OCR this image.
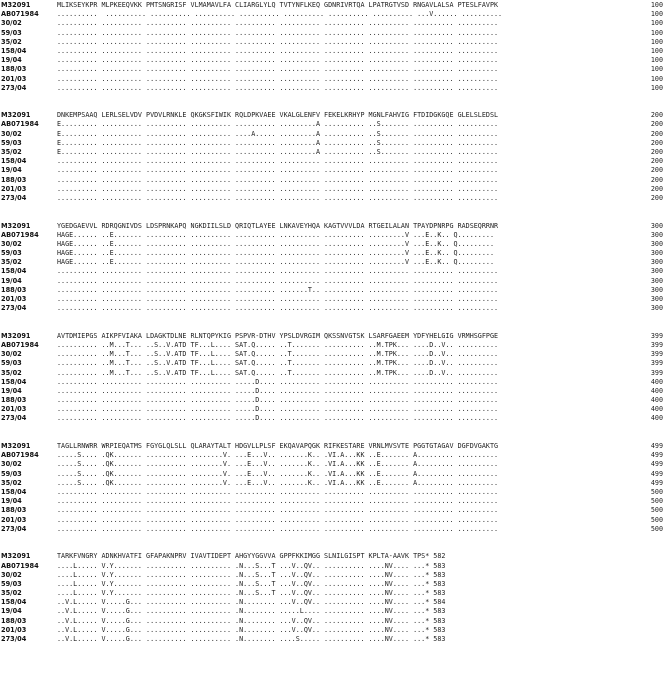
M32091	MLIKSEYKPR MLPKEEQVKK PMTSNGRISF VLMAMAVLFA CLIARGLYLQ TVTYNFLKEQ GDNRIVRTQA LPATRGTVSD RNGAVLALSA PTESLFAVPK	100
AB071984	..........  .......... .......... .......... .......... .......... .......... .......... ...V...... ..........	100
30/02	.......... .......... .......... .......... .......... .......... .......... .......... .......... ..........	100
59/03	.......... .......... .......... .......... .......... .......... .......... .......... .......... ..........	100
35/02	.......... .......... .......... .......... .......... .......... .......... .......... .......... ..........	100
158/04	.......... .......... .......... .......... .......... .......... .......... .......... .......... ..........	100
19/04	.......... .......... .......... .......... .......... .......... .......... .......... .......... ..........	100
188/03	.......... .......... .......... .......... .......... .......... .......... .......... .......... ..........	100
201/03	.......... .......... .......... .......... .......... .......... .......... .......... .......... ..........	100
273/04	.......... .......... .......... .......... .......... .......... .......... .......... .......... ..........	100
M32091	DNKEMPSAAQ LERLSELVDV PVDVLRNKLE QKGKSFIWIK RQLDPKVAEE VKALGLENFV FEKELKRHYP MGNLFAHVIG FTDIDGKGQE GLELSLEDSL	200
AB071984	E......... .......... .......... .......... .......... .........A .......... ..S....... .......... ..........	200
30/02	E......... .......... .......... .......... ....A..... .........A .......... ..S....... .......... ..........	200
59/03	E......... .......... .......... .......... .......... .........A .......... ..S....... .......... ..........	200
35/02	E......... .......... .......... .......... .......... .........A .......... ..S....... .......... ..........	200
158/04	.......... .......... .......... .......... .......... .......... .......... .......... .......... ..........	200
19/04	.......... .......... .......... .......... .......... .......... .......... .......... .......... ..........	200
188/03	.......... .......... .......... .......... .......... .......... .......... .......... .......... ..........	200
201/03	.......... .......... .......... .......... .......... .......... .......... .......... .......... ..........	200
273/04	.......... .......... .......... .......... .......... .......... .......... .......... .......... ..........	200
M32091	YGEDGAEVVL RDRQGNIVDS LDSPRNKAPQ NGKDIILSLD QRIQTLAYEE LNKAVEYHQA KAGTVVVLDA RTGEILALAN TPAYDPNRPG RADSEQRRNR	300
AB071984	HAGE...... ..E....... .......... .......... .......... .......... .......... .........V ...E..K.. Q.........	300
30/02	HAGE...... ..E....... .......... .......... .......... .......... .......... .........V ...E..K.. Q.........	300
59/03	HAGE...... ..E....... .......... .......... .......... .......... .......... .........V ...E..K.. Q.........	300
35/02	HAGE...... ..E....... .......... .......... .......... .......... .......... .........V ...E..K.. Q.........	300
158/04	.......... .......... .......... .......... .......... .......... .......... .......... .......... ..........	300
19/04	.......... .......... .......... .......... .......... .......... .......... .......... .......... ..........	300
188/03	.......... .......... .......... .......... .......... .......T.. .......... .......... .......... ..........	300
201/03	.......... .......... .......... .......... .......... .......... .......... .......... .......... ..........	300
273/04	.......... .......... .......... .......... .......... .......... .......... .......... .......... ..........	300
M32091	AVTDMIEPGS AIKPFVIAKA LDAGKTDLNE RLNTQPYKIG PSPVR-DTHV YPSLDVRGIM QKSSNVGTSK LSARFGAEEM YDFYHELGIG VRMHSGFPGE	399
AB071984	.......... ..M...T... ..S..V.ATD TF...L.... SAT.Q..... ..T....... .......... ..M.TPK... ....D..V.. ..........	399
30/02	.......... ..M...T... ..S..V.ATD TF...L.... SAT.Q..... ..T....... .......... ..M.TPK... ....D..V.. ..........	399
59/03	.......... ..M...T... ..S..V.ATD TF...L.... SAT.Q..... ..T....... .......... ..M.TPK... ....D..V.. ..........	399
35/02	.......... ..M...T... ..S..V.ATD TF...L.... SAT.Q..... ..T....... .......... ..M.TPK... ....D..V.. ..........	399
158/04	.......... .......... .......... .......... .....D.... .......... .......... .......... .......... ..........	400
19/04	.......... .......... .......... .......... .....D.... .......... .......... .......... .......... ..........	400
188/03	.......... .......... .......... .......... .....D.... .......... .......... .......... .......... ..........	400
201/03	.......... .......... .......... .......... .....D.... .......... .......... .......... .......... ..........	400
273/04	.......... .......... .......... .......... .....D.... .......... .......... .......... .......... ..........	400
M32091	TAGLLRNWRR WRPIEQATMS FGYGLQLSLL QLARAYTALT HDGVLLPLSF EKQAVAPQGK RIFKESTARE VRNLMVSVTE PGGTGTAGAV DGFDVGAKTG	499
AB071984	.....S.... .QK....... .......... ........V. ...E...V.. .......K.. .VI.A...KK ..E....... A......... ..........	499
30/02	.....S.... .QK....... .......... ........V. ...E...V.. .......K.. .VI.A...KK ..E....... A......... ..........	499
59/03	.....S.... .QK....... .......... ........V. ...E...V.. .......K.. .VI.A...KK ..E....... A......... ..........	499
35/02	.....S.... .QK....... .......... ........V. ...E...V.. .......K.. .VI.A...KK ..E....... A......... ..........	499
158/04	.......... .......... .......... .......... .......... .......... .......... .......... .......... ..........	500
19/04	.......... .......... .......... .......... .......... .......... .......... .......... .......... ..........	500
188/03	.......... .......... .......... .......... .......... .......... .......... .......... .......... ..........	500
201/03	.......... .......... .......... .......... .......... .......... .......... .......... .......... ..........	500
273/04	.......... .......... .......... .......... .......... .......... .......... .......... .......... ..........	500
M32091	TARKFVNGRY ADNKHVATFI GFAPAKNPRV IVAVTIDEPT AHGYYGGVVA GPPFKKIMGG SLNILGISPT KPLTA-AAVK TPS* 582
AB071984	....L..... V.Y....... .......... .......... .N...S...T ...V..QV.. .......... ....NV.... ...* 583
30/02	....L..... V.Y....... .......... .......... .N...S...T ...V..QV.. .......... ....NV.... ...* 583
59/03	....L..... V.Y....... .......... .......... .N...S...T ...V..QV.. .......... ....NV.... ...* 583
35/02	....L..... V.Y....... .......... .......... .N...S...T ...V..QV.. .......... ....NV.... ...* 583
158/04	..V.L..... V.....G... .......... .......... .N........ ...V..QV.. .......... ....NV.... ...* 584
19/04	..V.L..... V.....G... .......... .......... .N........ .....L.... .......... ....NV.... ...* 583
188/03	..V.L..... V.....G... .......... .......... .N........ ...V..QV.. .......... ....NV.... ...* 583
201/03	..V.L..... V.....G... .......... .......... .N........ ...V..QV.. .......... ....NV.... ...* 583
273/04	..V.L..... V.....G... .......... .......... .N........ ....S..... .......... ....NV.... ...* 583
